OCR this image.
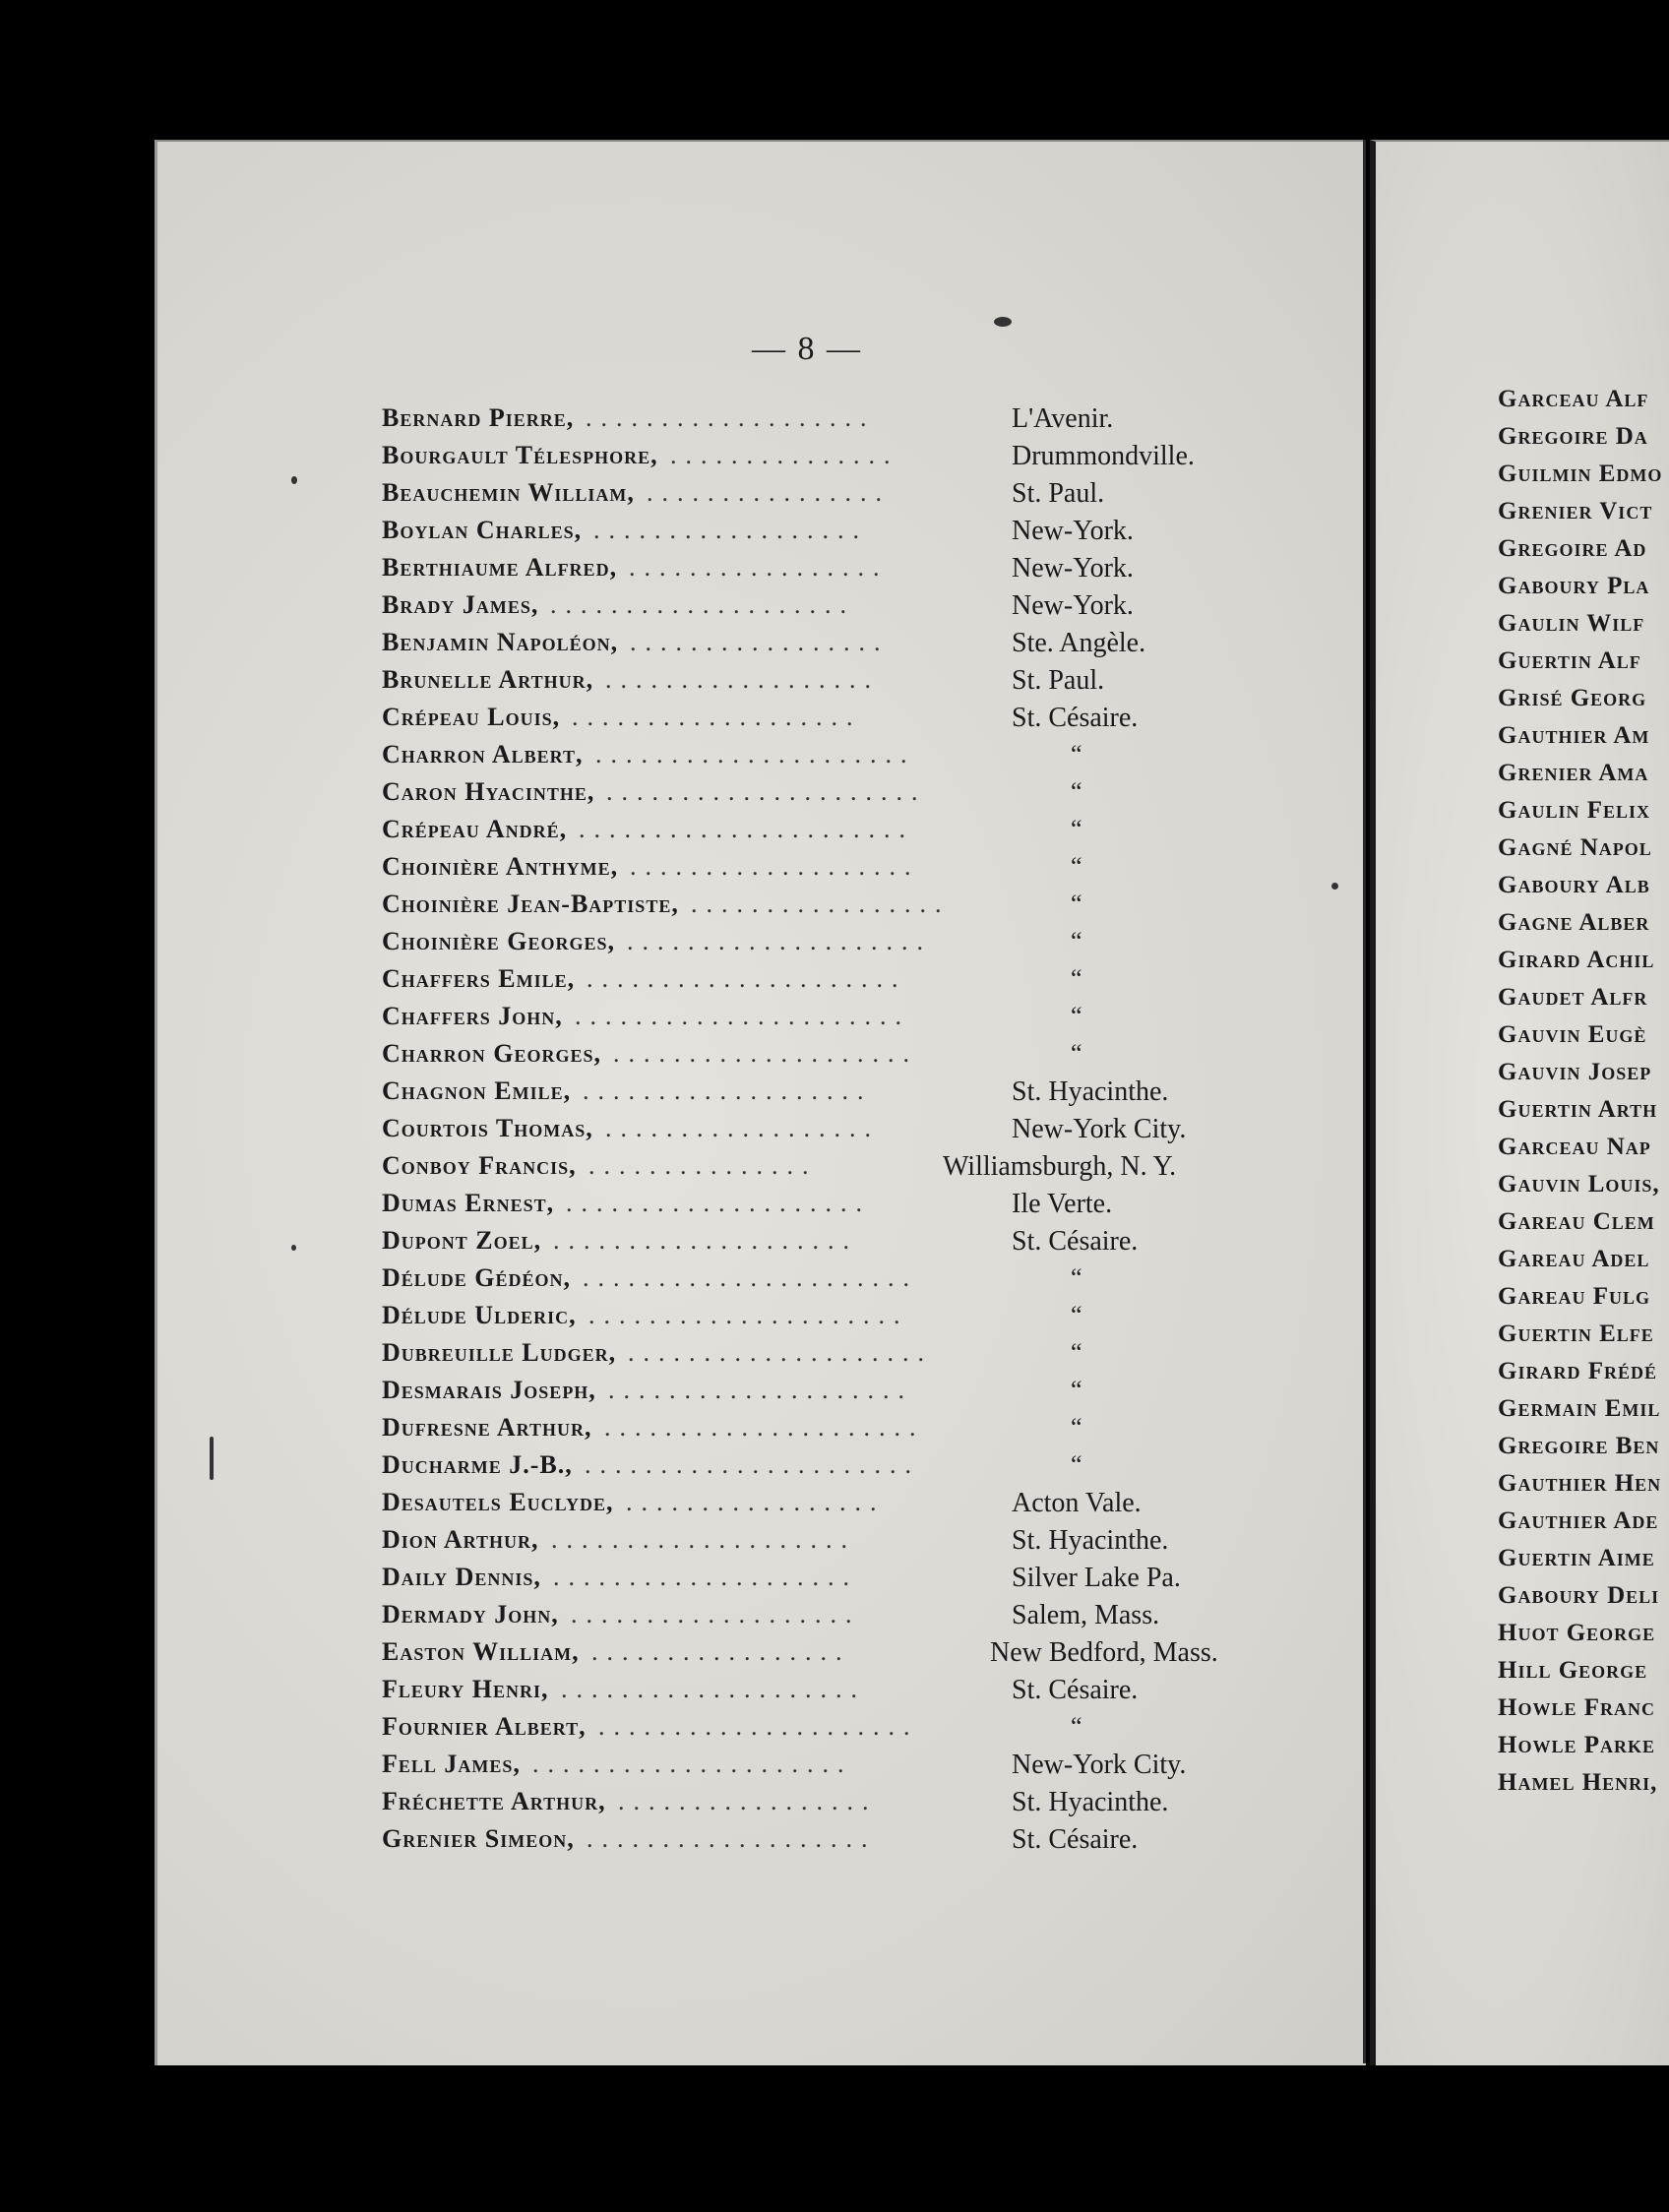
— 8 —
Bernard Pierre, ...................	L'Avenir.
Bourgault Télesphore, ...............	Drummondville.
Beauchemin William, ................	St. Paul.
Boylan Charles, ..................	New-York.
Berthiaume Alfred, .................	New-York.
Brady James, ....................	New-York.
Benjamin Napoléon, .................	Ste. Angèle.
Brunelle Arthur, ..................	St. Paul.
Crépeau Louis, ...................	St. Césaire.
Charron Albert, .....................	“
Caron Hyacinthe, .....................	“
Crépeau André, ......................	“
Choinière Anthyme, ...................	“
Choinière Jean-Baptiste, .................	“
Choinière Georges, ....................	“
Chaffers Emile, .....................	“
Chaffers John, ......................	“
Charron Georges, ....................	“
Chagnon Emile, ...................	St. Hyacinthe.
Courtois Thomas, ..................	New-York City.
Conboy Francis, ...............	Williamsburgh, N. Y.
Dumas Ernest, ....................	Ile Verte.
Dupont Zoel, ....................	St. Césaire.
Délude Gédéon, ......................	“
Délude Ulderic, .....................	“
Dubreuille Ludger, ....................	“
Desmarais Joseph, ....................	“
Dufresne Arthur, .....................	“
Ducharme J.-B., ......................	“
Desautels Euclyde, .................	Acton Vale.
Dion Arthur, ....................	St. Hyacinthe.
Daily Dennis, ....................	Silver Lake Pa.
Dermady John, ...................	Salem, Mass.
Easton William, .................	New Bedford, Mass.
Fleury Henri, ....................	St. Césaire.
Fournier Albert, .....................	“
Fell James, .....................	New-York City.
Fréchette Arthur, .................	St. Hyacinthe.
Grenier Simeon, ...................	St. Césaire.
Garceau Alf
Gregoire Da
Guilmin Edmo
Grenier Vict
Gregoire Ad
Gaboury Pla
Gaulin Wilf
Guertin Alf
Grisé Georg
Gauthier Am
Grenier Ama
Gaulin Felix
Gagné Napol
Gaboury Alb
Gagne Alber
Girard Achil
Gaudet Alfr
Gauvin Eugè
Gauvin Josep
Guertin Arth
Garceau Nap
Gauvin Louis,
Gareau Clem
Gareau Adel
Gareau Fulg
Guertin Elfe
Girard Frédé
Germain Emil
Gregoire Ben
Gauthier Hen
Gauthier Ade
Guertin Aime
Gaboury Deli
Huot George
Hill George
Howle Franc
Howle Parke
Hamel Henri,
